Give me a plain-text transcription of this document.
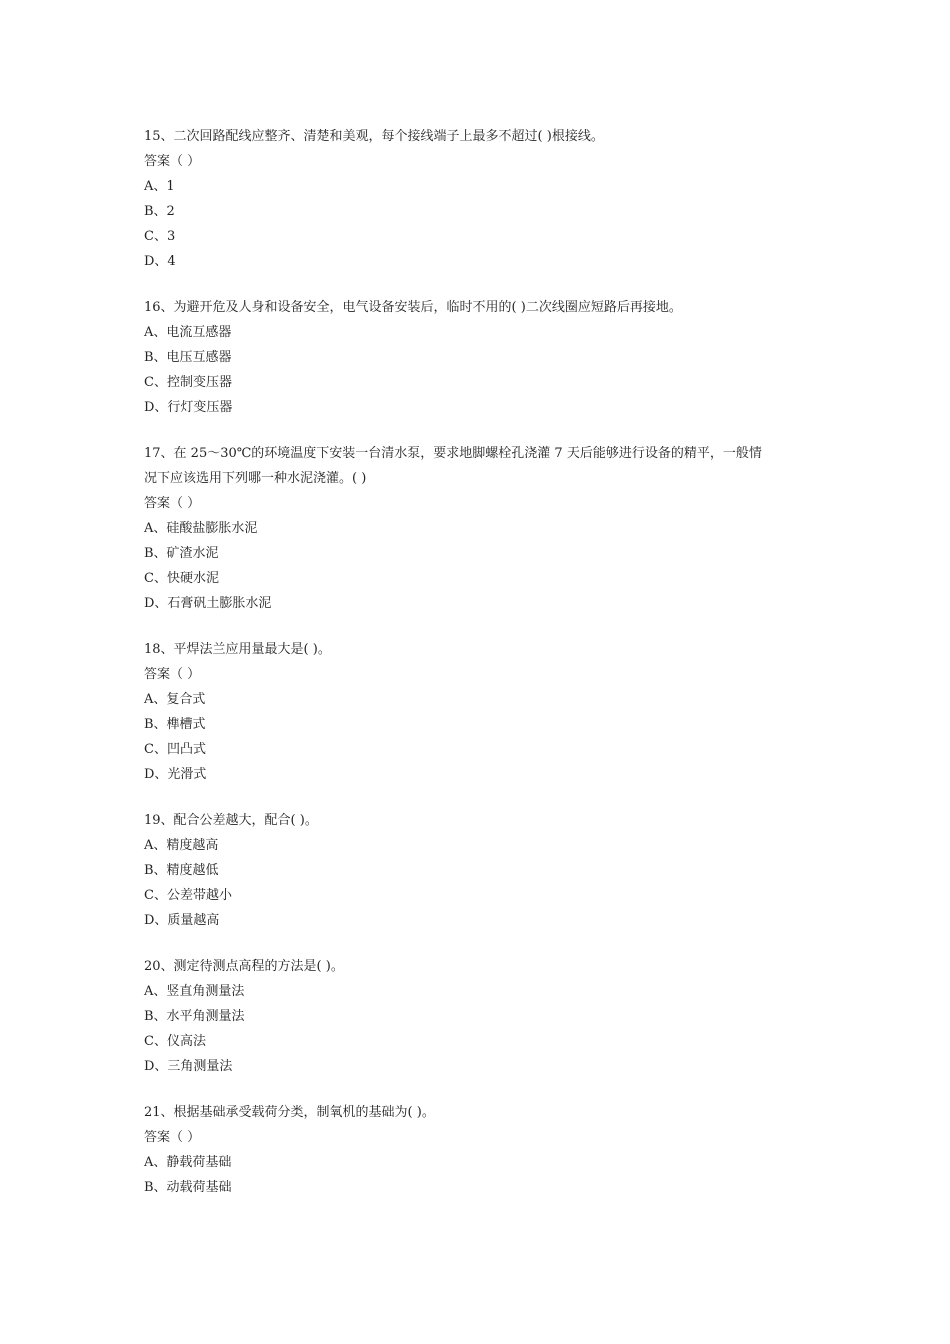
15、二次回路配线应整齐、清楚和美观，每个接线端子上最多不超过( )根接线。
答案（ ）
A、1
B、2
C、3
D、4
16、为避开危及人身和设备安全，电气设备安装后，临时不用的( )二次线圈应短路后再接地。
A、电流互感器
B、电压互感器
C、控制变压器
D、行灯变压器
17、在 25～30℃的环境温度下安装一台清水泵，要求地脚螺栓孔浇灌 7 天后能够进行设备的精平，一般情
况下应该选用下列哪一种水泥浇灌。( )
答案（ ）
A、硅酸盐膨胀水泥
B、矿渣水泥
C、快硬水泥
D、石膏矾土膨胀水泥
18、平焊法兰应用量最大是( )。
答案（ ）
A、复合式
B、榫槽式
C、凹凸式
D、光滑式
19、配合公差越大，配合( )。
A、精度越高
B、精度越低
C、公差带越小
D、质量越高
20、测定待测点高程的方法是( )。
A、竖直角测量法
B、水平角测量法
C、仪高法
D、三角测量法
21、根据基础承受载荷分类，制氧机的基础为( )。
答案（ ）
A、静载荷基础
B、动载荷基础
